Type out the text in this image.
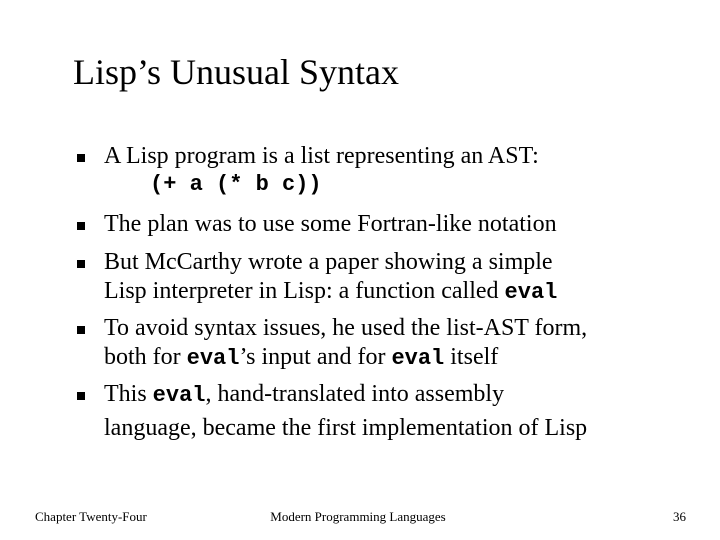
Lisp’s Unusual Syntax
A Lisp program is a list representing an AST:
(+ a (* b c))
The plan was to use some Fortran-like notation
But McCarthy wrote a paper showing a simple
Lisp interpreter in Lisp: a function called eval
To avoid syntax issues, he used the list-AST form,
both for eval’s input and for eval itself
This eval, hand-translated into assembly
language, became the first implementation of Lisp
Chapter Twenty-Four	Modern Programming Languages	36
